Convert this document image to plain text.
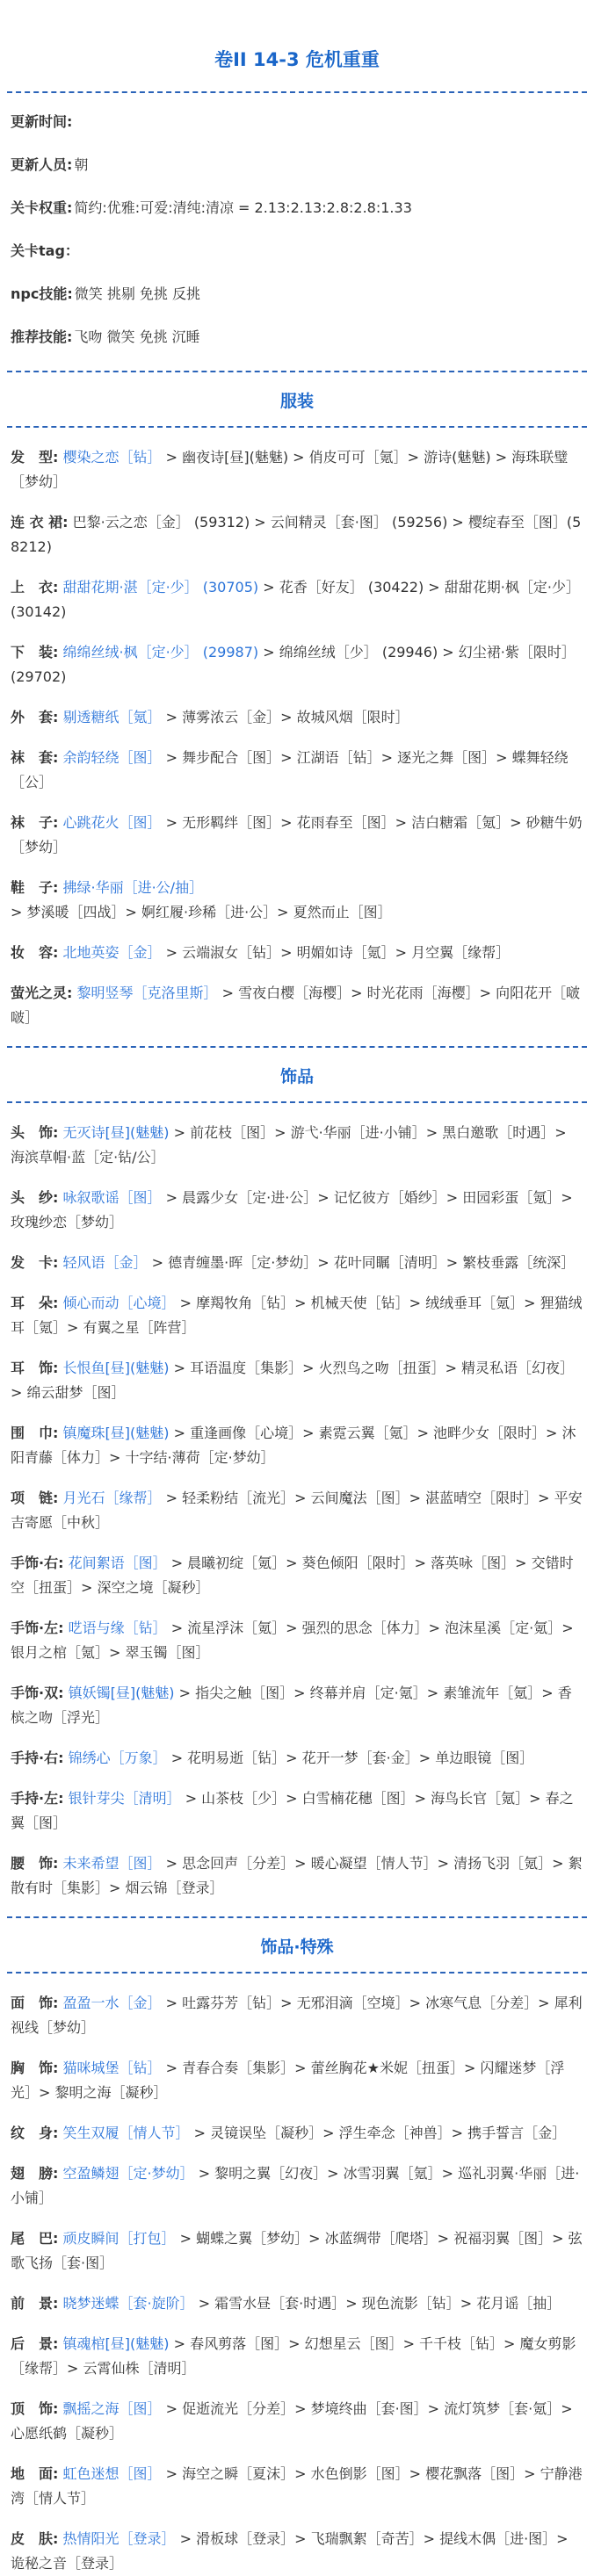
卷II 14-3 危机重重
更新时间:
更新人员: 朝
关卡权重: 简约:优雅:可爱:清纯:清凉 = 2.13:2.13:2.8:2.8:1.33
关卡tag：
npc技能: 微笑 挑剔 免挑 反挑
推荐技能: 飞吻 微笑 免挑 沉睡
服装
发　型: 樱染之恋［钻］ > 幽夜诗[昼](魅魅) > 俏皮可可［氪］> 游诗(魅魅) > 海珠联璧［梦幼］
连 衣 裙: 巴黎·云之恋［金］ (59312) > 云间精灵［套·图］ (59256) > 樱绽春至［图］(58212)
上　衣: 甜甜花期·湛［定·少］ (30705) > 花香［好友］ (30422) > 甜甜花期·枫［定·少］ (30142)
下　装: 绵绵丝绒·枫［定·少］ (29987) > 绵绵丝绒［少］ (29946) > 幻尘裙·紫［限时］ (29702)
外　套: 剔透糖纸［氪］ > 薄雾浓云［金］> 故城风烟［限时］
袜　套: 余韵轻绕［图］ > 舞步配合［图］> 江湖语［钻］> 逐光之舞［图］> 蝶舞轻绕［公］
袜　子: 心跳花火［图］ > 无形羁绊［图］> 花雨春至［图］> 洁白糖霜［氪］> 砂糖牛奶［梦幼］
鞋　子: 拂绿·华丽［进·公/抽］ > 梦溪暖［四战］> 婀红履·珍稀［进·公］> 夏然而止［图］
妆　容: 北地英姿［金］ > 云端淑女［钻］> 明媚如诗［氪］> 月空翼［缘帮］
萤光之灵: 黎明竖琴［克洛里斯］ > 雪夜白樱［海樱］> 时光花雨［海樱］> 向阳花开［啵啵］
饰品
头　饰: 无灭诗[昼](魅魅) > 前花枝［图］> 游弋·华丽［进·小铺］> 黑白邀歌［时遇］> 海滨草帽·蓝［定·钻/公］
头　纱: 咏叙歌谣［图］ > 晨露少女［定·进·公］> 记忆彼方［婚纱］> 田园彩蛋［氪］> 玫瑰纱恋［梦幼］
发　卡: 轻风语［金］ > 德青缠墨·晖［定·梦幼］> 花叶同瞩［清明］> 繁枝垂露［统深］
耳　朵: 倾心而动［心境］ > 摩羯牧角［钻］> 机械天使［钻］> 绒绒垂耳［氪］> 狸猫绒耳［氪］> 有翼之星［阵营］
耳　饰: 长恨鱼[昼](魅魅) > 耳语温度［集影］> 火烈鸟之吻［扭蛋］> 精灵私语［幻夜］> 绵云甜梦［图］
围　巾: 镇魔珠[昼](魅魅) > 重逢画像［心境］> 素霓云翼［氪］> 池畔少女［限时］> 沐阳青藤［体力］> 十字结·薄荷［定·梦幼］
项　链: 月光石［缘帮］ > 轻柔粉结［流光］> 云间魔法［图］> 湛蓝晴空［限时］> 平安吉寄愿［中秋］
手饰·右: 花间絮语［图］ > 晨曦初绽［氪］> 葵色倾阳［限时］> 落英咏［图］> 交错时空［扭蛋］> 深空之境［凝秒］
手饰·左: 呓语与缘［钻］ > 流星浮沫［氪］> 强烈的思念［体力］> 泡沫星溪［定·氪］> 银月之棺［氪］> 翠玉镯［图］
手饰·双: 镇妖镯[昼](魅魅) > 指尖之触［图］> 终幕并肩［定·氪］> 素雏流年［氪］> 香槟之吻［浮光］
手持·右: 锦绣心［万象］ > 花明易逝［钻］> 花开一梦［套·金］> 单边眼镜［图］
手持·左: 银针芽尖［清明］ > 山茶枝［少］> 白雪楠花穗［图］> 海鸟长官［氪］> 春之翼［图］
腰　饰: 未来希望［图］ > 思念回声［分差］> 暖心凝望［情人节］> 清扬飞羽［氪］> 絮散有时［集影］> 烟云锦［登录］
饰品·特殊
面　饰: 盈盈一水［金］ > 吐露芬芳［钻］> 无邪泪滴［空境］> 冰寒气息［分差］> 犀利视线［梦幼］
胸　饰: 猫咪城堡［钻］ > 青春合奏［集影］> 蕾丝胸花★米妮［扭蛋］> 闪耀迷梦［浮光］> 黎明之海［凝秒］
纹　身: 笑生双履［情人节］ > 灵镜误坠［凝秒］> 浮生牵念［神兽］> 携手誓言［金］
翅　膀: 空盈鳞翅［定·梦幼］ > 黎明之翼［幻夜］> 冰雪羽翼［氪］> 巡礼羽翼·华丽［进·小铺］
尾　巴: 顽皮瞬间［打包］ > 蝴蝶之翼［梦幼］> 冰蓝绸带［爬塔］> 祝福羽翼［图］> 弦歌飞扬［套·图］
前　景: 晓梦迷蝶［套·旋阶］ > 霜雪水昼［套·时遇］> 现色流影［钻］> 花月谣［抽］
后　景: 镇魂棺[昼](魅魅) > 春风剪落［图］> 幻想星云［图］> 千千枝［钻］> 魔女剪影［缘帮］> 云霄仙株［清明］
顶　饰: 飘摇之海［图］ > 促逝流光［分差］> 梦境终曲［套·图］> 流灯筑梦［套·氪］> 心愿纸鹤［凝秒］
地　面: 虹色迷想［图］ > 海空之瞬［夏沫］> 水色倒影［图］> 樱花飘落［图］> 宁静港湾［情人节］
皮　肤: 热情阳光［登录］ > 滑板球［登录］> 飞瑞飘絮［奇苦］> 提线木偶［进·图］> 诡秘之音［登录］
